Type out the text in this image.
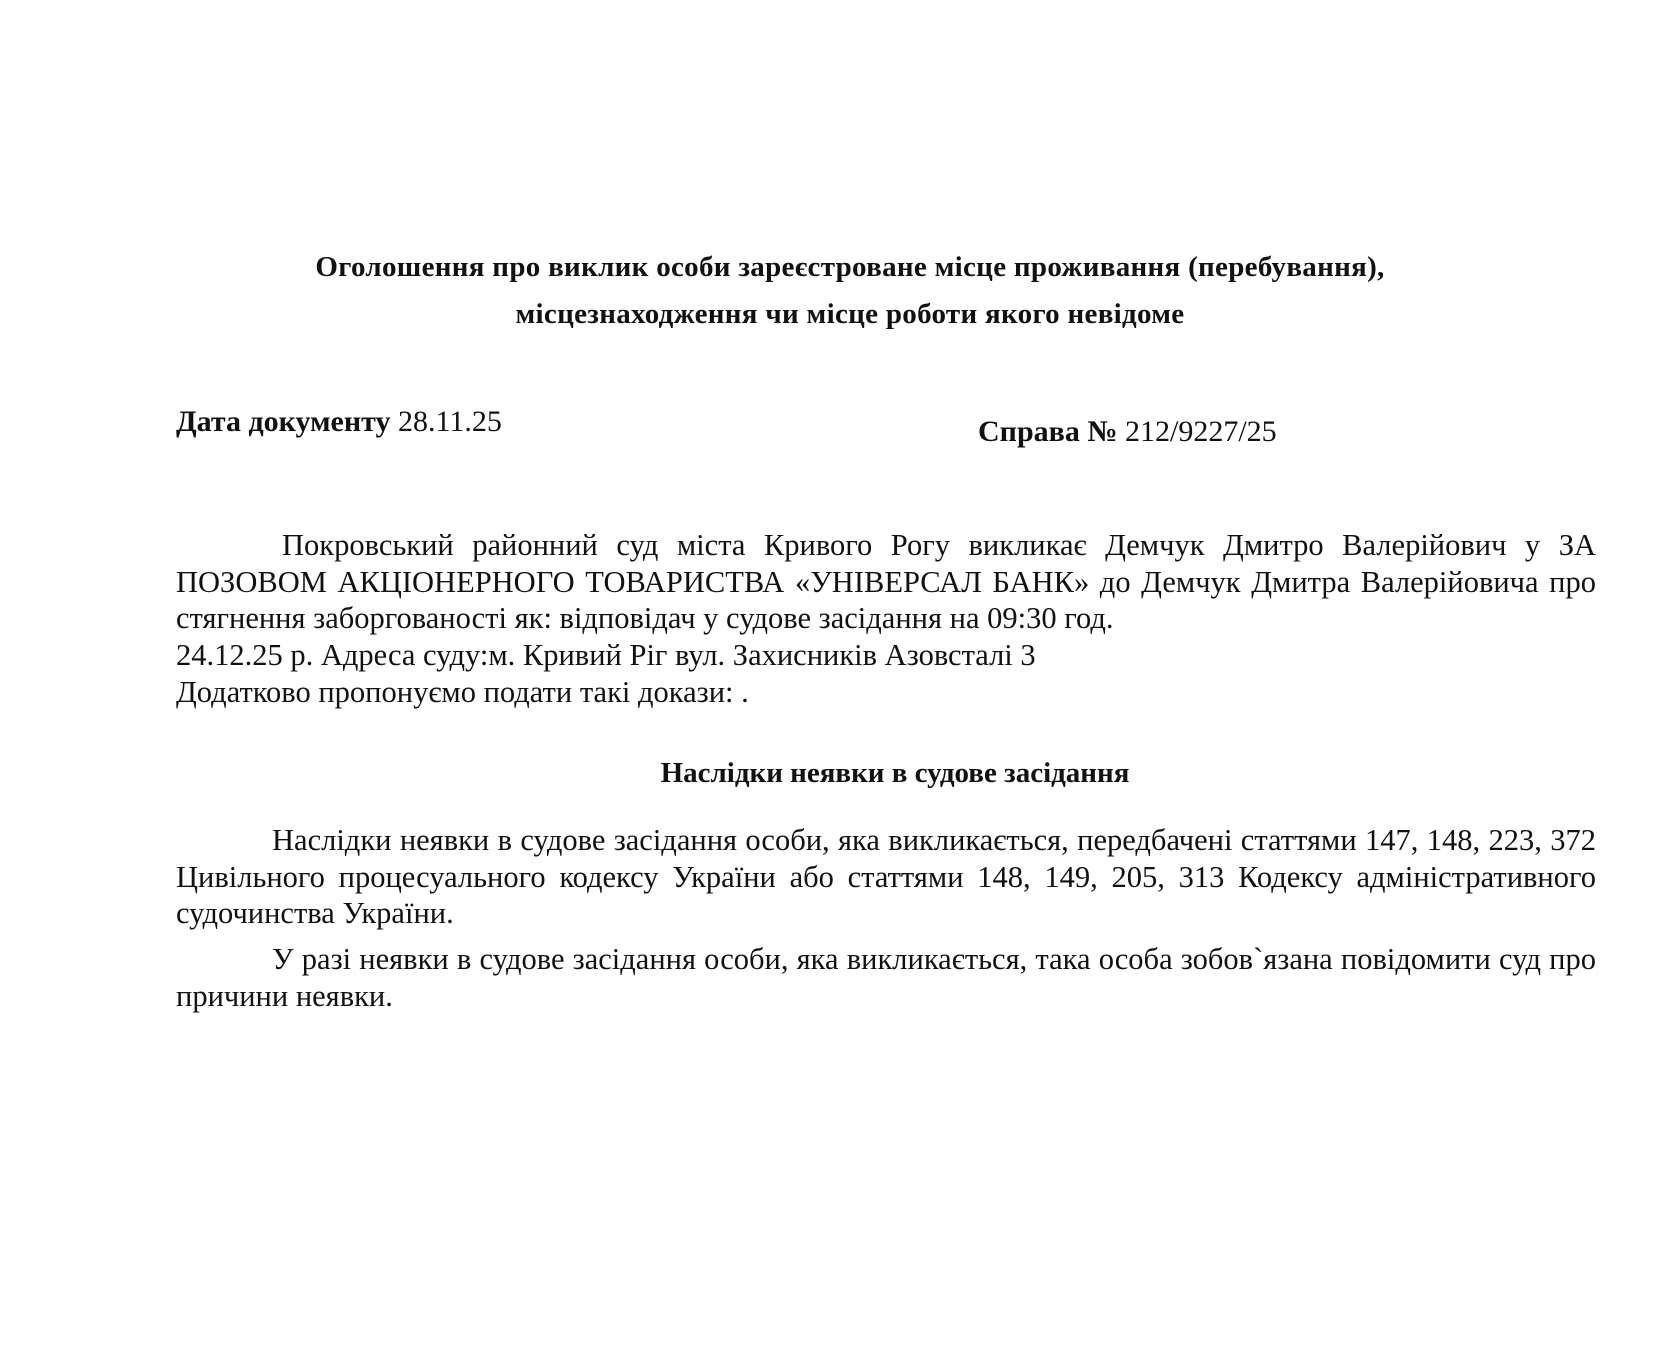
Оголошення про виклик особи зареєстроване місце проживання (перебування),
місцезнаходження чи місце роботи якого невідоме
Дата документу 28.11.25	Справа № 212/9227/25
Покровський районний суд міста Кривого Рогу викликає Демчук Дмитро Валерійович у ЗА ПОЗОВОМ АКЦІОНЕРНОГО ТОВАРИСТВА «УНІВЕРСАЛ БАНК» до Демчук Дмитра Валерійовича про стягнення заборгованості як: відповідач у судове засідання на 09:30 год.
24.12.25 р. Адреса суду:м. Кривий Ріг вул. Захисників Азовсталі 3
Додатково пропонуємо подати такі докази: .
Наслідки неявки в судове засідання
Наслідки неявки в судове засідання особи, яка викликається, передбачені статтями 147, 148, 223, 372 Цивільного процесуального кодексу України або статтями 148, 149, 205, 313 Кодексу адміністративного судочинства України.
У разі неявки в судове засідання особи, яка викликається, така особа зобов`язана повідомити суд про причини неявки.
